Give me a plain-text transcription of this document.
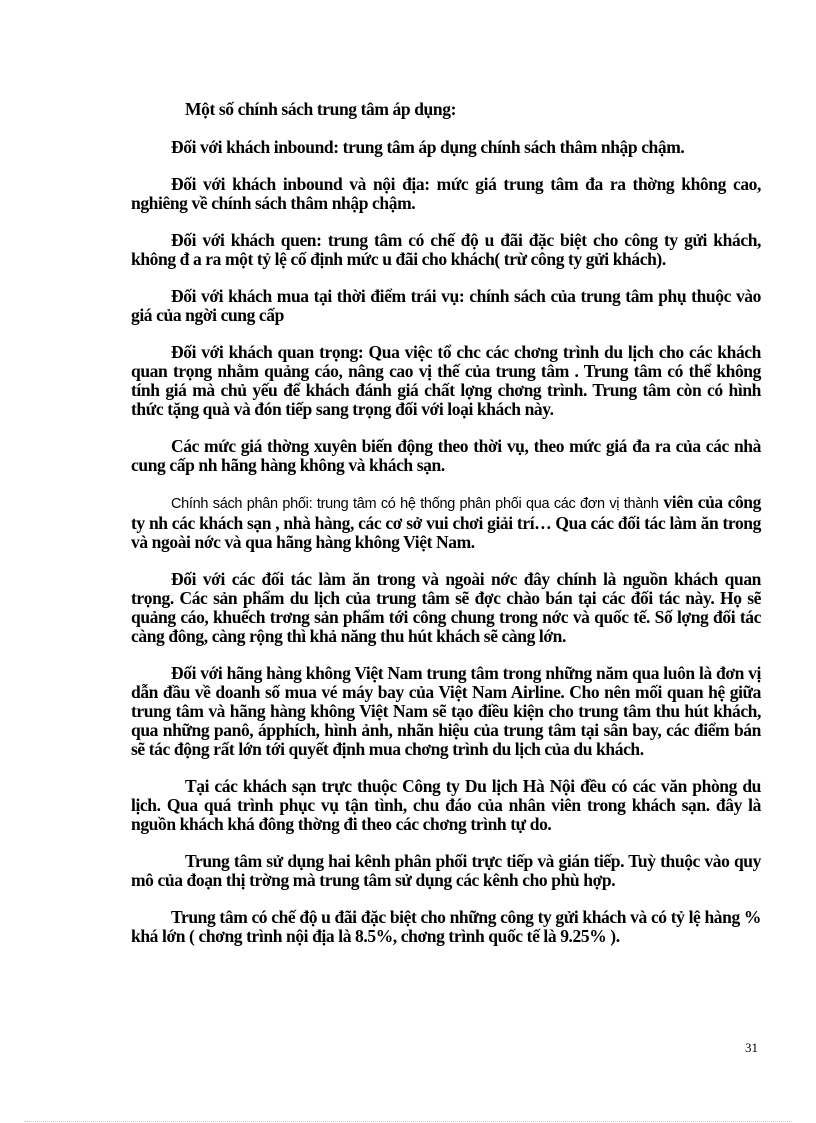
Một số chính sách trung tâm áp dụng:

Đối với khách inbound: trung tâm áp dụng chính sách thâm nhập chậm.

Đối với khách inbound và nội địa: mức giá trung tâm đa ra thờng không cao, nghiêng về chính sách thâm nhập chậm.

Đối với khách quen: trung tâm có chế độ u đãi đặc biệt cho công ty gửi khách, không đ a ra một tỷ lệ cố định mức u đãi cho khách( trừ công ty gửi khách).

Đối với khách mua tại thời điểm trái vụ: chính sách của trung tâm phụ thuộc vào giá của ngời cung cấp

Đối với khách quan trọng: Qua việc tổ chc các chơng trình du lịch cho các khách quan trọng nhằm quảng cáo, nâng cao vị thế của trung tâm . Trung tâm có thể không tính giá mà chủ yếu để khách đánh giá chất lợng chơng trình. Trung tâm còn có hình thức tặng quà và đón tiếp sang trọng đối với loại khách này.

Các mức giá thờng xuyên biến động theo thời vụ, theo mức giá đa ra của các nhà cung cấp nh hãng hàng không và khách sạn.

Chính sách phân phối: trung tâm có hệ thống phân phối qua các đơn vị thành viên của công ty nh các khách sạn , nhà hàng, các cơ sở vui chơi giải trí… Qua các đối tác làm ăn trong và ngoài nớc và qua hãng hàng không Việt Nam.

Đối với các đối tác làm ăn trong và ngoài nớc đây chính là nguồn khách quan trọng. Các sản phẩm du lịch của trung tâm sẽ đợc chào bán tại các đối tác này. Họ sẽ quảng cáo, khuếch trơng sản phẩm tới công chung trong nớc và quốc tế. Số lợng đối tác càng đông, càng rộng thì khả năng thu hút khách sẽ càng lớn.

Đối với hãng hàng không Việt Nam trung tâm trong những năm qua luôn là đơn vị dẫn đầu về doanh số mua vé máy bay của Việt Nam Airline. Cho nên mối quan hệ giữa trung tâm và hãng hàng không Việt Nam sẽ tạo điều kiện cho trung tâm thu hút khách, qua những panô, ápphích, hình ảnh, nhãn hiệu của trung tâm tại sân bay, các điểm bán sẽ tác động rất lớn tới quyết định mua chơng trình du lịch của du khách.

Tại các khách sạn trực thuộc Công ty Du lịch Hà Nội đều có các văn phòng du lịch. Qua quá trình phục vụ tận tình, chu đáo của nhân viên trong khách sạn. đây là nguồn khách khá đông thờng đi theo các chơng trình tự do.

Trung tâm sử dụng hai kênh phân phối trực tiếp và gián tiếp. Tuỳ thuộc vào quy mô của đoạn thị trờng mà trung tâm sử dụng các kênh cho phù hợp.

Trung tâm có chế độ u đãi đặc biệt cho những công ty gửi khách và có tỷ lệ hàng % khá lớn ( chơng trình nội địa là 8.5%, chơng trình quốc tế là 9.25% ).

31
